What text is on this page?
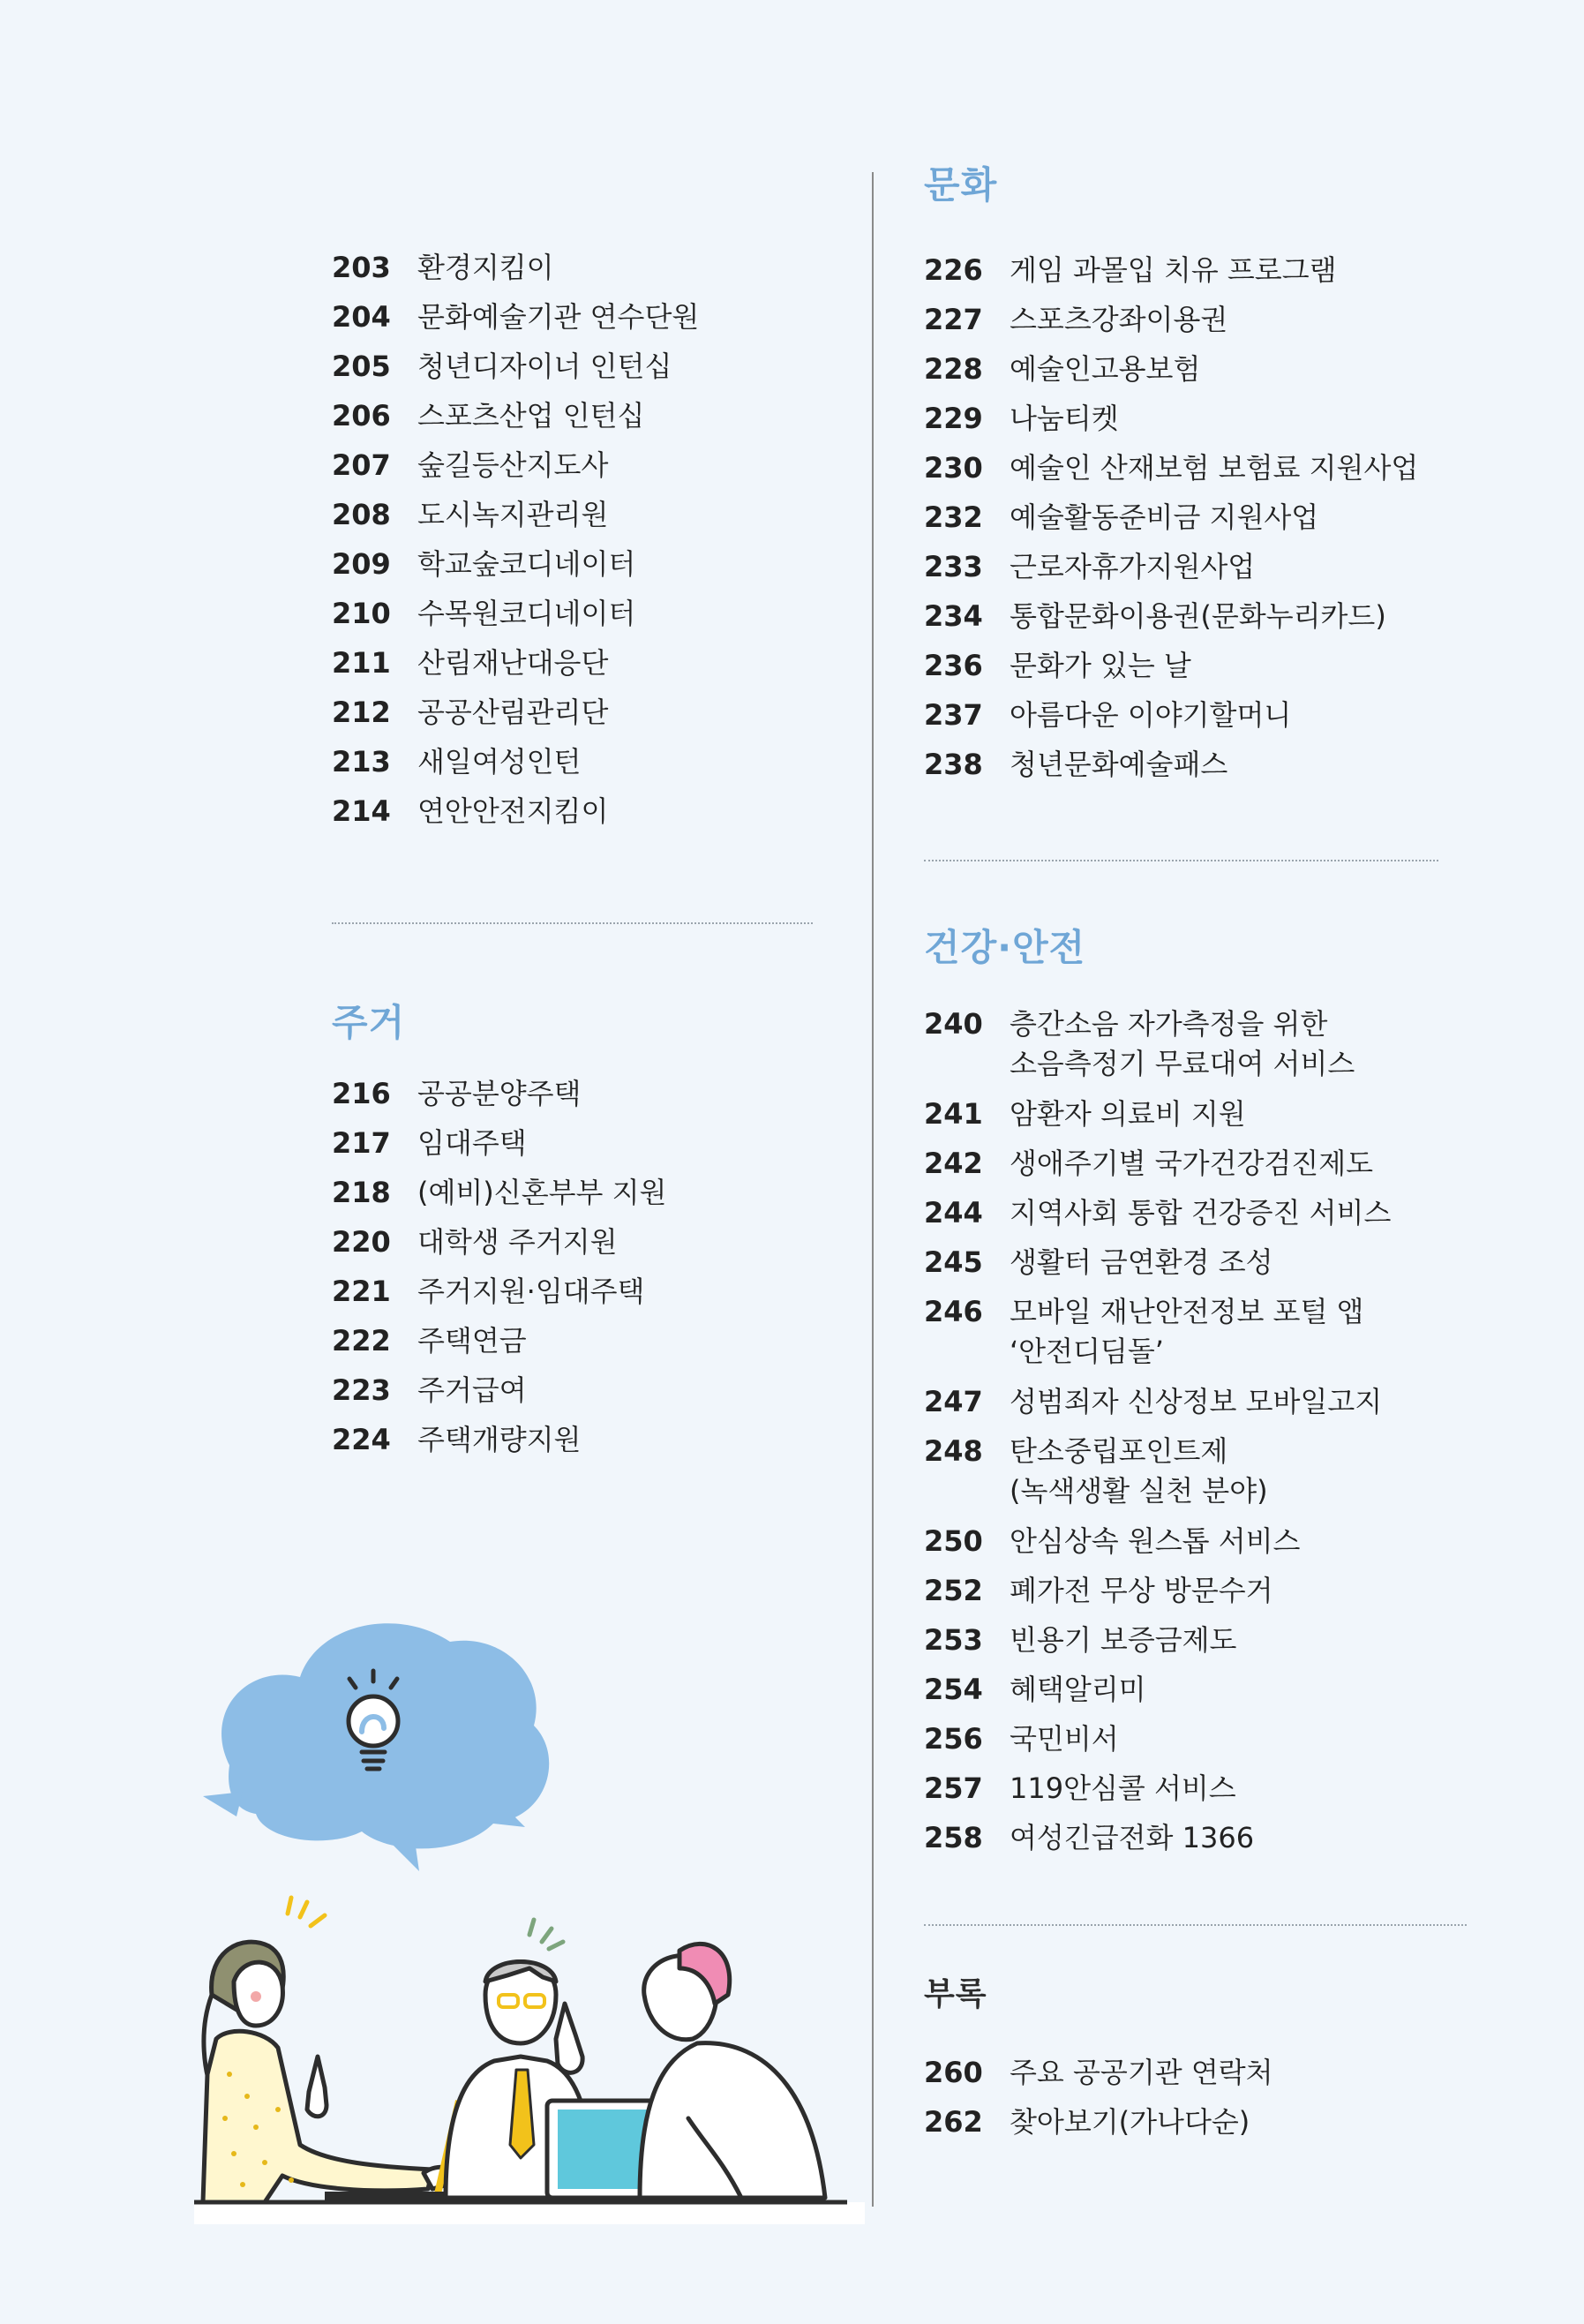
203 환경지킴이
204 문화예술기관 연수단원
205 청년디자이너 인턴십
206 스포츠산업 인턴십
207 숲길등산지도사
208 도시녹지관리원
209 학교숲코디네이터
210 수목원코디네이터
211 산림재난대응단
212 공공산림관리단
213 새일여성인턴
214 연안안전지킴이
주거
216 공공분양주택
217 임대주택
218 (예비)신혼부부 지원
220 대학생 주거지원
221 주거지원·임대주택
222 주택연금
223 주거급여
224 주택개량지원
문화
226 게임 과몰입 치유 프로그램
227 스포츠강좌이용권
228 예술인고용보험
229 나눔티켓
230 예술인 산재보험 보험료 지원사업
232 예술활동준비금 지원사업
233 근로자휴가지원사업
234 통합문화이용권(문화누리카드)
236 문화가 있는 날
237 아름다운 이야기할머니
238 청년문화예술패스
건강·안전
240 층간소음 자가측정을 위한
소음측정기 무료대여 서비스
241 암환자 의료비 지원
242 생애주기별 국가건강검진제도
244 지역사회 통합 건강증진 서비스
245 생활터 금연환경 조성
246 모바일 재난안전정보 포털 앱
‘안전디딤돌’
247 성범죄자 신상정보 모바일고지
248 탄소중립포인트제
(녹색생활 실천 분야)
250 안심상속 원스톱 서비스
252 폐가전 무상 방문수거
253 빈용기 보증금제도
254 혜택알리미
256 국민비서
257 119안심콜 서비스
258 여성긴급전화 1366
부록
260 주요 공공기관 연락처
262 찾아보기(가나다순)
